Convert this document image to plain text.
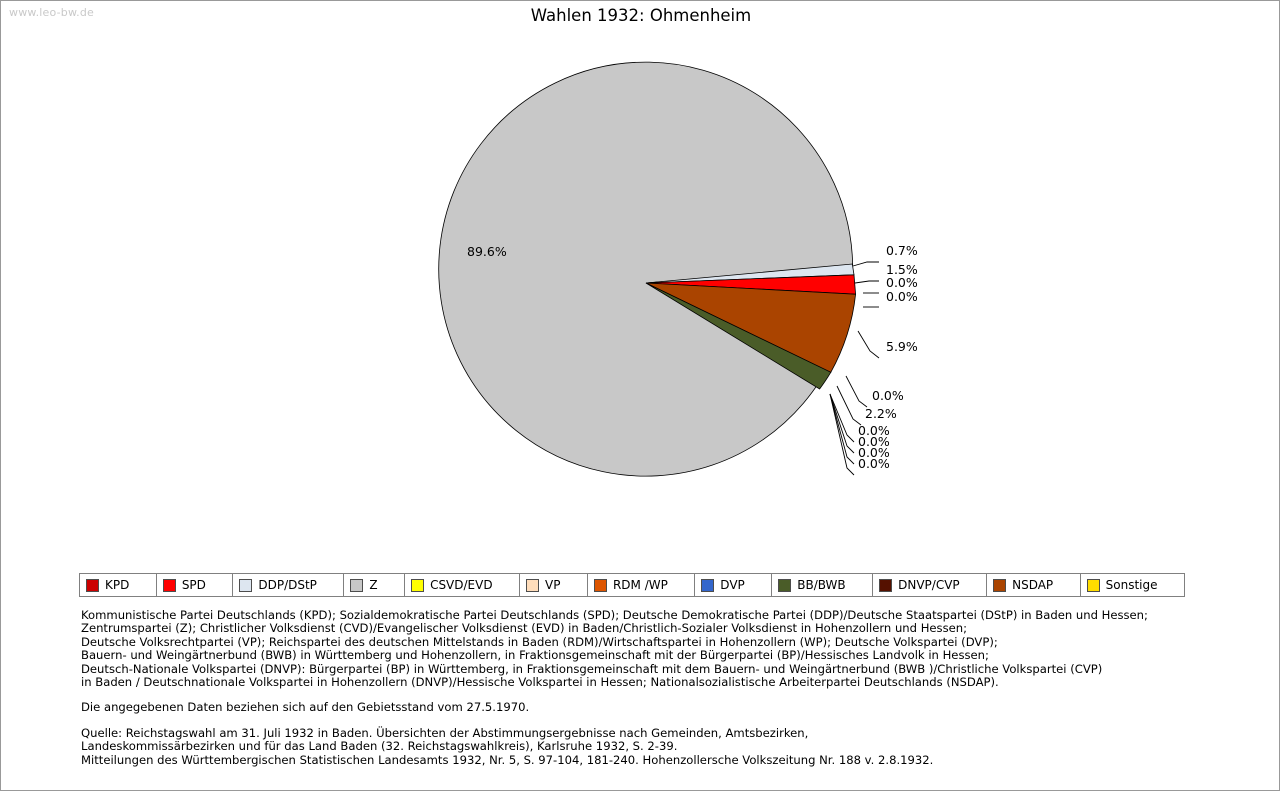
www.leo-bw.de	Wahlen 1932: Ohmenheim
89.6%	0.7%
1.5%
0.0%
0.0%
5.9%
0.0%
2.2%
0.0%
0.0%
0.0%
0.0%
KPD	SPD	DDP/DStP	Z	CSVD/EVD	VP	RDM /WP	DVP	BB/BWB	DNVP/CVP	NSDAP	Sonstige
Kommunistische Partei Deutschlands (KPD); Sozialdemokratische Partei Deutschlands (SPD); Deutsche Demokratische Partei (DDP)/Deutsche Staatspartei (DStP) in Baden und Hessen;
Zentrumspartei (Z); Christlicher Volksdienst (CVD)/Evangelischer Volksdienst (EVD) in Baden/Christlich-Sozialer Volksdienst in Hohenzollern und Hessen;
Deutsche Volksrechtpartei (VP); Reichspartei des deutschen Mittelstands in Baden (RDM)/Wirtschaftspartei in Hohenzollern (WP); Deutsche Volkspartei (DVP);
Bauern- und Weingärtnerbund (BWB) in Württemberg und Hohenzollern, in Fraktionsgemeinschaft mit der Bürgerpartei (BP)/Hessisches Landvolk in Hessen;
Deutsch-Nationale Volkspartei (DNVP): Bürgerpartei (BP) in Württemberg, in Fraktionsgemeinschaft mit dem Bauern- und Weingärtnerbund (BWB )/Christliche Volkspartei (CVP)
in Baden / Deutschnationale Volkspartei in Hohenzollern (DNVP)/Hessische Volkspartei in Hessen; Nationalsozialistische Arbeiterpartei Deutschlands (NSDAP).
Die angegebenen Daten beziehen sich auf den Gebietsstand vom 27.5.1970.
Quelle: Reichstagswahl am 31. Juli 1932 in Baden. Übersichten der Abstimmungsergebnisse nach Gemeinden, Amtsbezirken,
Landeskommissärbezirken und für das Land Baden (32. Reichstagswahlkreis), Karlsruhe 1932, S. 2-39.
Mitteilungen des Württembergischen Statistischen Landesamts 1932, Nr. 5, S. 97-104, 181-240. Hohenzollersche Volkszeitung Nr. 188 v. 2.8.1932.
